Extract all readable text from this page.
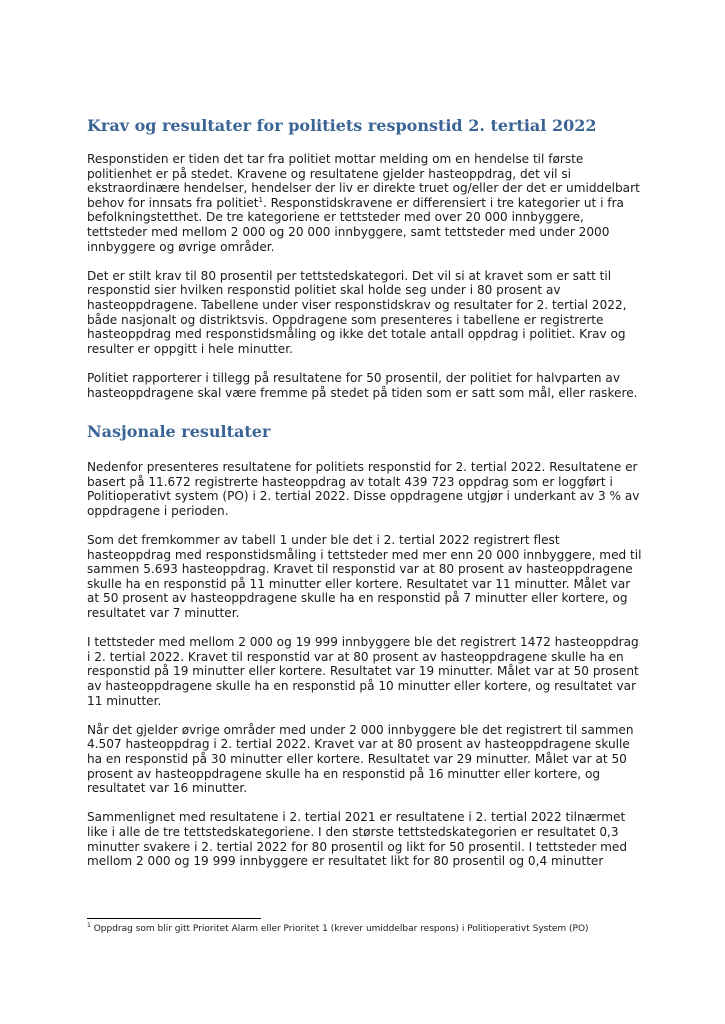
Krav og resultater for politiets responstid 2. tertial 2022

Responstiden er tiden det tar fra politiet mottar melding om en hendelse til første politienhet er på stedet. Kravene og resultatene gjelder hasteoppdrag, det vil si ekstraordinære hendelser, hendelser der liv er direkte truet og/eller der det er umiddelbart behov for innsats fra politiet$^1$. Responstidskravene er differensiert i tre kategorier ut i fra befolkningstetthet. De tre kategoriene er tettsteder med over 20 000 innbyggere, tettsteder med mellom 2 000 og 20 000 innbyggere, samt tettsteder med under 2000 innbyggere og øvrige områder.

Det er stilt krav til 80 prosentil per tettstedskategori. Det vil si at kravet som er satt til responstid sier hvilken responstid politiet skal holde seg under i 80 prosent av hasteoppdragene. Tabellene under viser responstidskrav og resultater for 2. tertial 2022, både nasjonalt og distriktsvis. Oppdragene som presenteres i tabellene er registrerte hasteoppdrag med responstidsmåling og ikke det totale antall oppdrag i politiet. Krav og resulter er oppgitt i hele minutter.

Politiet rapporterer i tillegg på resultatene for 50 prosentil, der politiet for halvparten av hasteoppdragene skal være fremme på stedet på tiden som er satt som mål, eller raskere.

Nasjonale resultater

Nedenfor presenteres resultatene for politiets responstid for 2. tertial 2022. Resultatene er basert på 11.672 registrerte hasteoppdrag av totalt 439 723 oppdrag som er loggført i Politioperativt system (PO) i 2. tertial 2022. Disse oppdragene utgjør i underkant av 3 % av oppdragene i perioden.

Som det fremkommer av tabell 1 under ble det i 2. tertial 2022 registrert flest hasteoppdrag med responstidsmåling i tettsteder med mer enn 20 000 innbyggere, med til sammen 5.693 hasteoppdrag. Kravet til responstid var at 80 prosent av hasteoppdragene skulle ha en responstid på 11 minutter eller kortere. Resultatet var 11 minutter. Målet var at 50 prosent av hasteoppdragene skulle ha en responstid på 7 minutter eller kortere, og resultatet var 7 minutter.

I tettsteder med mellom 2 000 og 19 999 innbyggere ble det registrert 1472 hasteoppdrag i 2. tertial 2022. Kravet til responstid var at 80 prosent av hasteoppdragene skulle ha en responstid på 19 minutter eller kortere. Resultatet var 19 minutter. Målet var at 50 prosent av hasteoppdragene skulle ha en responstid på 10 minutter eller kortere, og resultatet var 11 minutter.

Når det gjelder øvrige områder med under 2 000 innbyggere ble det registrert til sammen 4.507 hasteoppdrag i 2. tertial 2022. Kravet var at 80 prosent av hasteoppdragene skulle ha en responstid på 30 minutter eller kortere. Resultatet var 29 minutter. Målet var at 50 prosent av hasteoppdragene skulle ha en responstid på 16 minutter eller kortere, og resultatet var 16 minutter.

Sammenlignet med resultatene i 2. tertial 2021 er resultatene i 2. tertial 2022 tilnærmet like i alle de tre tettstedskategoriene. I den største tettstedskategorien er resultatet 0,3 minutter svakere i 2. tertial 2022 for 80 prosentil og likt for 50 prosentil. I tettsteder med mellom 2 000 og 19 999 innbyggere er resultatet likt for 80 prosentil og 0,4 minutter

$^1$ Oppdrag som blir gitt Prioritet Alarm eller Prioritet 1 (krever umiddelbar respons) i Politioperativt System (PO)
